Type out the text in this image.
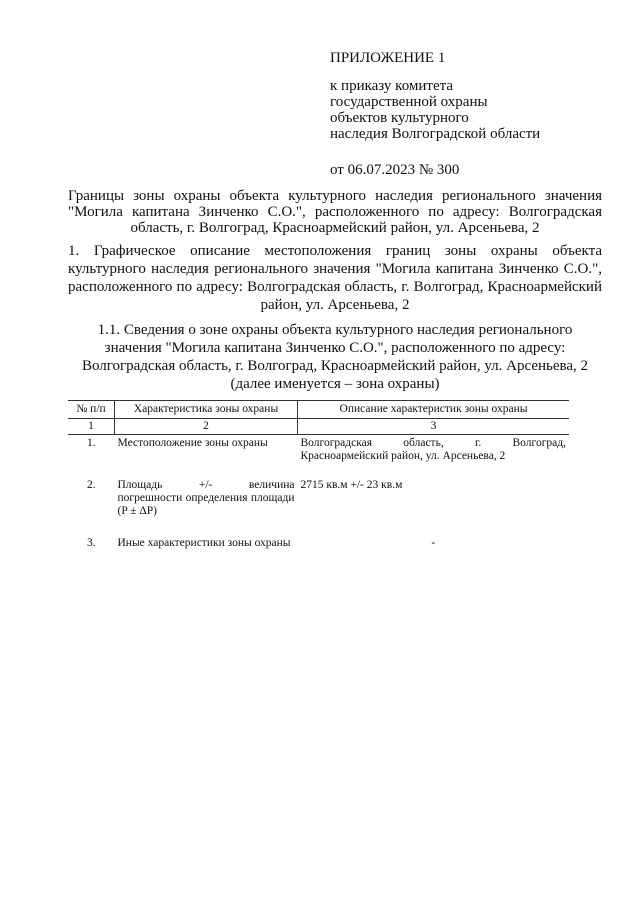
ПРИЛОЖЕНИЕ 1
к приказу комитета
государственной охраны
объектов культурного
наследия Волгоградской области
от 06.07.2023 № 300
Границы зоны охраны объекта культурного наследия регионального значения "Могила капитана Зинченко С.О.", расположенного по адресу: Волгоградская область, г. Волгоград, Красноармейский район, ул. Арсеньева, 2
1. Графическое описание местоположения границ зоны охраны объекта культурного наследия регионального значения "Могила капитана Зинченко С.О.", расположенного по адресу: Волгоградская область, г. Волгоград, Красноармейский район, ул. Арсеньева, 2
1.1. Сведения о зоне охраны объекта культурного наследия регионального значения "Могила капитана Зинченко С.О.", расположенного по адресу: Волгоградская область, г. Волгоград, Красноармейский район, ул. Арсеньева, 2
(далее именуется – зона охраны)
№ п/п	Характеристика зоны охраны	Описание характеристик зоны охраны
1	2	3
1.	Местоположение зоны охраны	Волгоградская область, г. Волгоград, Красноармейский район, ул. Арсеньева, 2
2.	Площадь +/- величина погрешности определения площади (P ± ΔP)	2715 кв.м +/- 23 кв.м
3.	Иные характеристики зоны охраны	-
